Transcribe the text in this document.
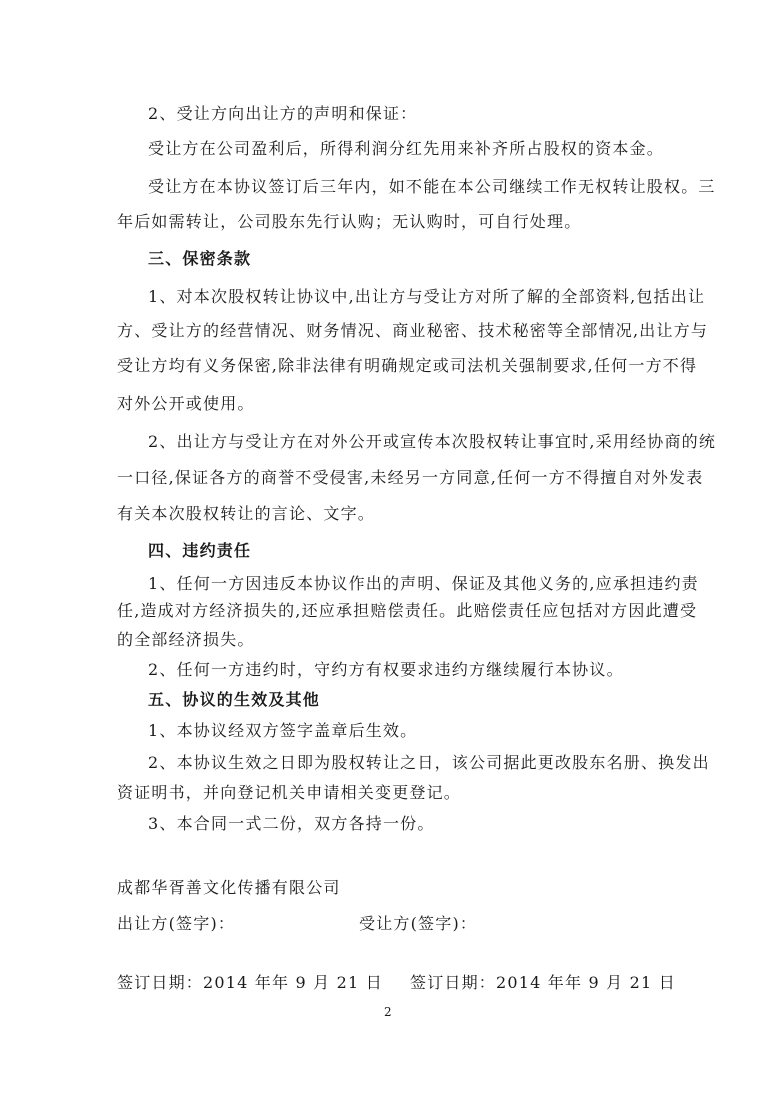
2、受让方向出让方的声明和保证：

受让方在公司盈利后，所得利润分红先用来补齐所占股权的资本金。

受让方在本协议签订后三年内，如不能在本公司继续工作无权转让股权。三

年后如需转让，公司股东先行认购；无认购时，可自行处理。

三、保密条款

1、对本次股权转让协议中,出让方与受让方对所了解的全部资料,包括出让

方、受让方的经营情况、财务情况、商业秘密、技术秘密等全部情况,出让方与

受让方均有义务保密,除非法律有明确规定或司法机关强制要求,任何一方不得

对外公开或使用。

2、出让方与受让方在对外公开或宣传本次股权转让事宜时,采用经协商的统

一口径,保证各方的商誉不受侵害,未经另一方同意,任何一方不得擅自对外发表

有关本次股权转让的言论、文字。

四、违约责任

1、任何一方因违反本协议作出的声明、保证及其他义务的,应承担违约责

任,造成对方经济损失的,还应承担赔偿责任。此赔偿责任应包括对方因此遭受

的全部经济损失。

2、任何一方违约时，守约方有权要求违约方继续履行本协议。

五、协议的生效及其他

1、本协议经双方签字盖章后生效。

2、本协议生效之日即为股权转让之日，该公司据此更改股东名册、换发出

资证明书，并向登记机关申请相关变更登记。

3、本合同一式二份，双方各持一份。

成都华胥善文化传播有限公司

出让方(签字)：	受让方(签字)：

签订日期：2014 年年 9 月 21 日 签订日期：2014 年年 9 月 21 日

2
